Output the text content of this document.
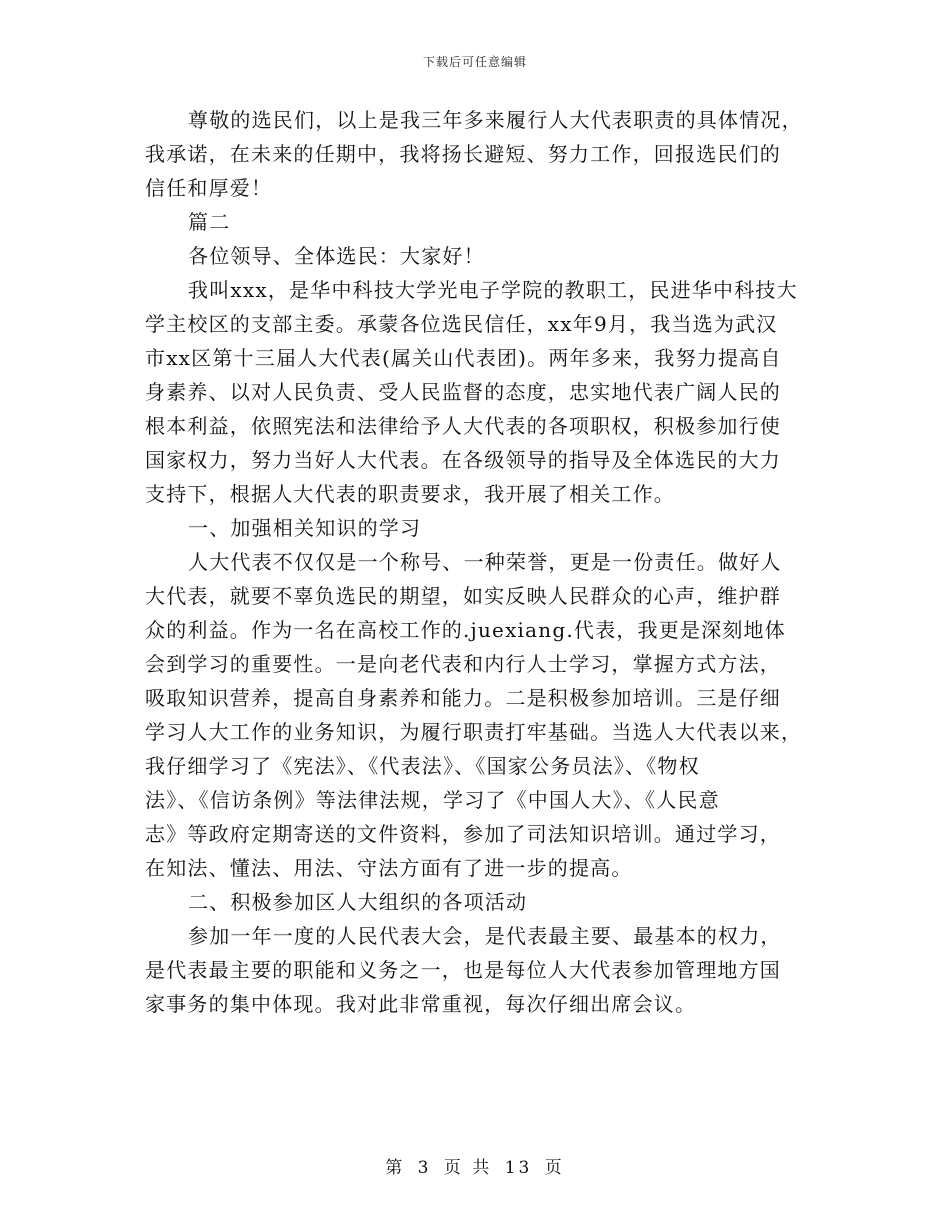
下载后可任意编辑
尊敬的选民们，以上是我三年多来履行人大代表职责的具体情况，
我承诺，在未来的任期中，我将扬长避短、努力工作，回报选民们的
信任和厚爱！
篇二
各位领导、全体选民：大家好！
我叫xxx，是华中科技大学光电子学院的教职工，民进华中科技大
学主校区的支部主委。承蒙各位选民信任，xx年9月，我当选为武汉
市xx区第十三届人大代表(属关山代表团)。两年多来，我努力提高自
身素养、以对人民负责、受人民监督的态度，忠实地代表广阔人民的
根本利益，依照宪法和法律给予人大代表的各项职权，积极参加行使
国家权力，努力当好人大代表。在各级领导的指导及全体选民的大力
支持下，根据人大代表的职责要求，我开展了相关工作。
一、加强相关知识的学习
人大代表不仅仅是一个称号、一种荣誉，更是一份责任。做好人
大代表，就要不辜负选民的期望，如实反映人民群众的心声，维护群
众的利益。作为一名在高校工作的.juexiang.代表，我更是深刻地体
会到学习的重要性。一是向老代表和内行人士学习，掌握方式方法，
吸取知识营养，提高自身素养和能力。二是积极参加培训。三是仔细
学习人大工作的业务知识，为履行职责打牢基础。当选人大代表以来，
我仔细学习了《宪法》、《代表法》、《国家公务员法》、《物权
法》、《信访条例》等法律法规，学习了《中国人大》、《人民意
志》等政府定期寄送的文件资料，参加了司法知识培训。通过学习，
在知法、懂法、用法、守法方面有了进一步的提高。
二、积极参加区人大组织的各项活动
参加一年一度的人民代表大会，是代表最主要、最基本的权力，
是代表最主要的职能和义务之一，也是每位人大代表参加管理地方国
家事务的集中体现。我对此非常重视，每次仔细出席会议。
第 3 页 共 13 页
